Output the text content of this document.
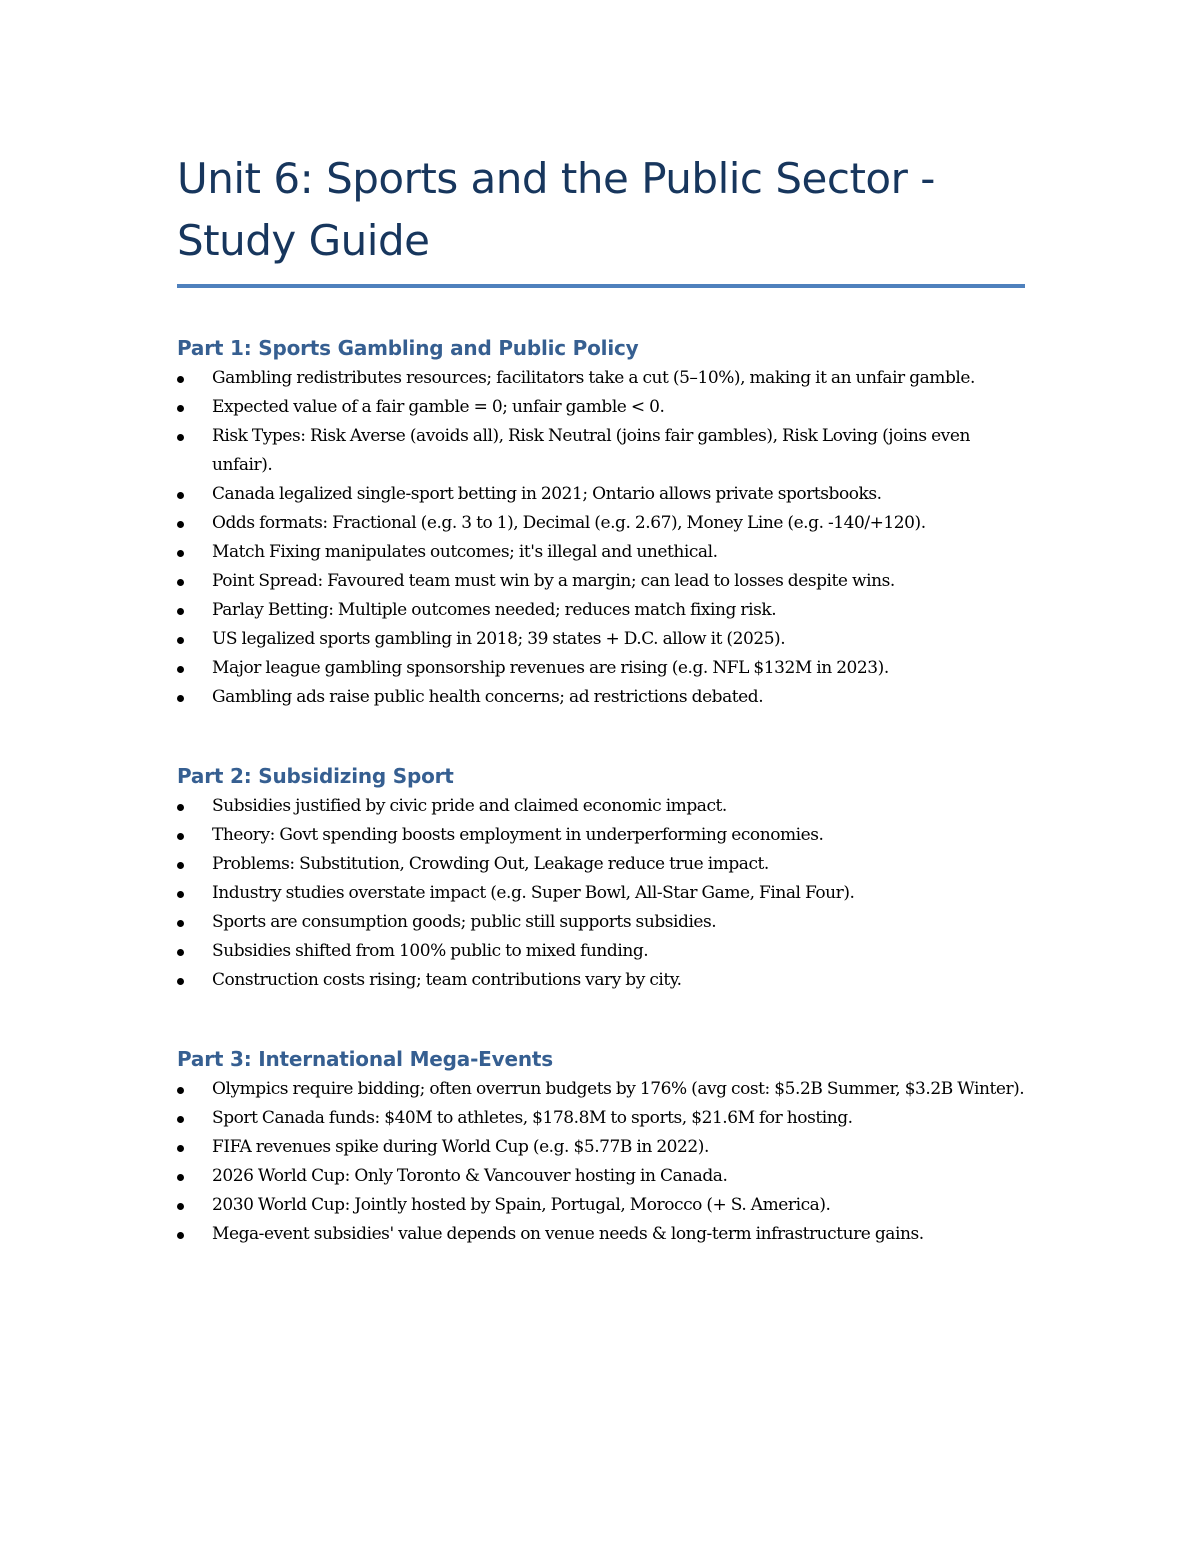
Unit 6: Sports and the Public Sector -
Study Guide
Part 1: Sports Gambling and Public Policy
Gambling redistributes resources; facilitators take a cut (5–10%), making it an unfair gamble.
Expected value of a fair gamble = 0; unfair gamble < 0.
Risk Types: Risk Averse (avoids all), Risk Neutral (joins fair gambles), Risk Loving (joins even unfair).
Canada legalized single-sport betting in 2021; Ontario allows private sportsbooks.
Odds formats: Fractional (e.g. 3 to 1), Decimal (e.g. 2.67), Money Line (e.g. -140/+120).
Match Fixing manipulates outcomes; it's illegal and unethical.
Point Spread: Favoured team must win by a margin; can lead to losses despite wins.
Parlay Betting: Multiple outcomes needed; reduces match fixing risk.
US legalized sports gambling in 2018; 39 states + D.C. allow it (2025).
Major league gambling sponsorship revenues are rising (e.g. NFL $132M in 2023).
Gambling ads raise public health concerns; ad restrictions debated.
Part 2: Subsidizing Sport
Subsidies justified by civic pride and claimed economic impact.
Theory: Govt spending boosts employment in underperforming economies.
Problems: Substitution, Crowding Out, Leakage reduce true impact.
Industry studies overstate impact (e.g. Super Bowl, All-Star Game, Final Four).
Sports are consumption goods; public still supports subsidies.
Subsidies shifted from 100% public to mixed funding.
Construction costs rising; team contributions vary by city.
Part 3: International Mega-Events
Olympics require bidding; often overrun budgets by 176% (avg cost: $5.2B Summer, $3.2B Winter).
Sport Canada funds: $40M to athletes, $178.8M to sports, $21.6M for hosting.
FIFA revenues spike during World Cup (e.g. $5.77B in 2022).
2026 World Cup: Only Toronto & Vancouver hosting in Canada.
2030 World Cup: Jointly hosted by Spain, Portugal, Morocco (+ S. America).
Mega-event subsidies' value depends on venue needs & long-term infrastructure gains.
